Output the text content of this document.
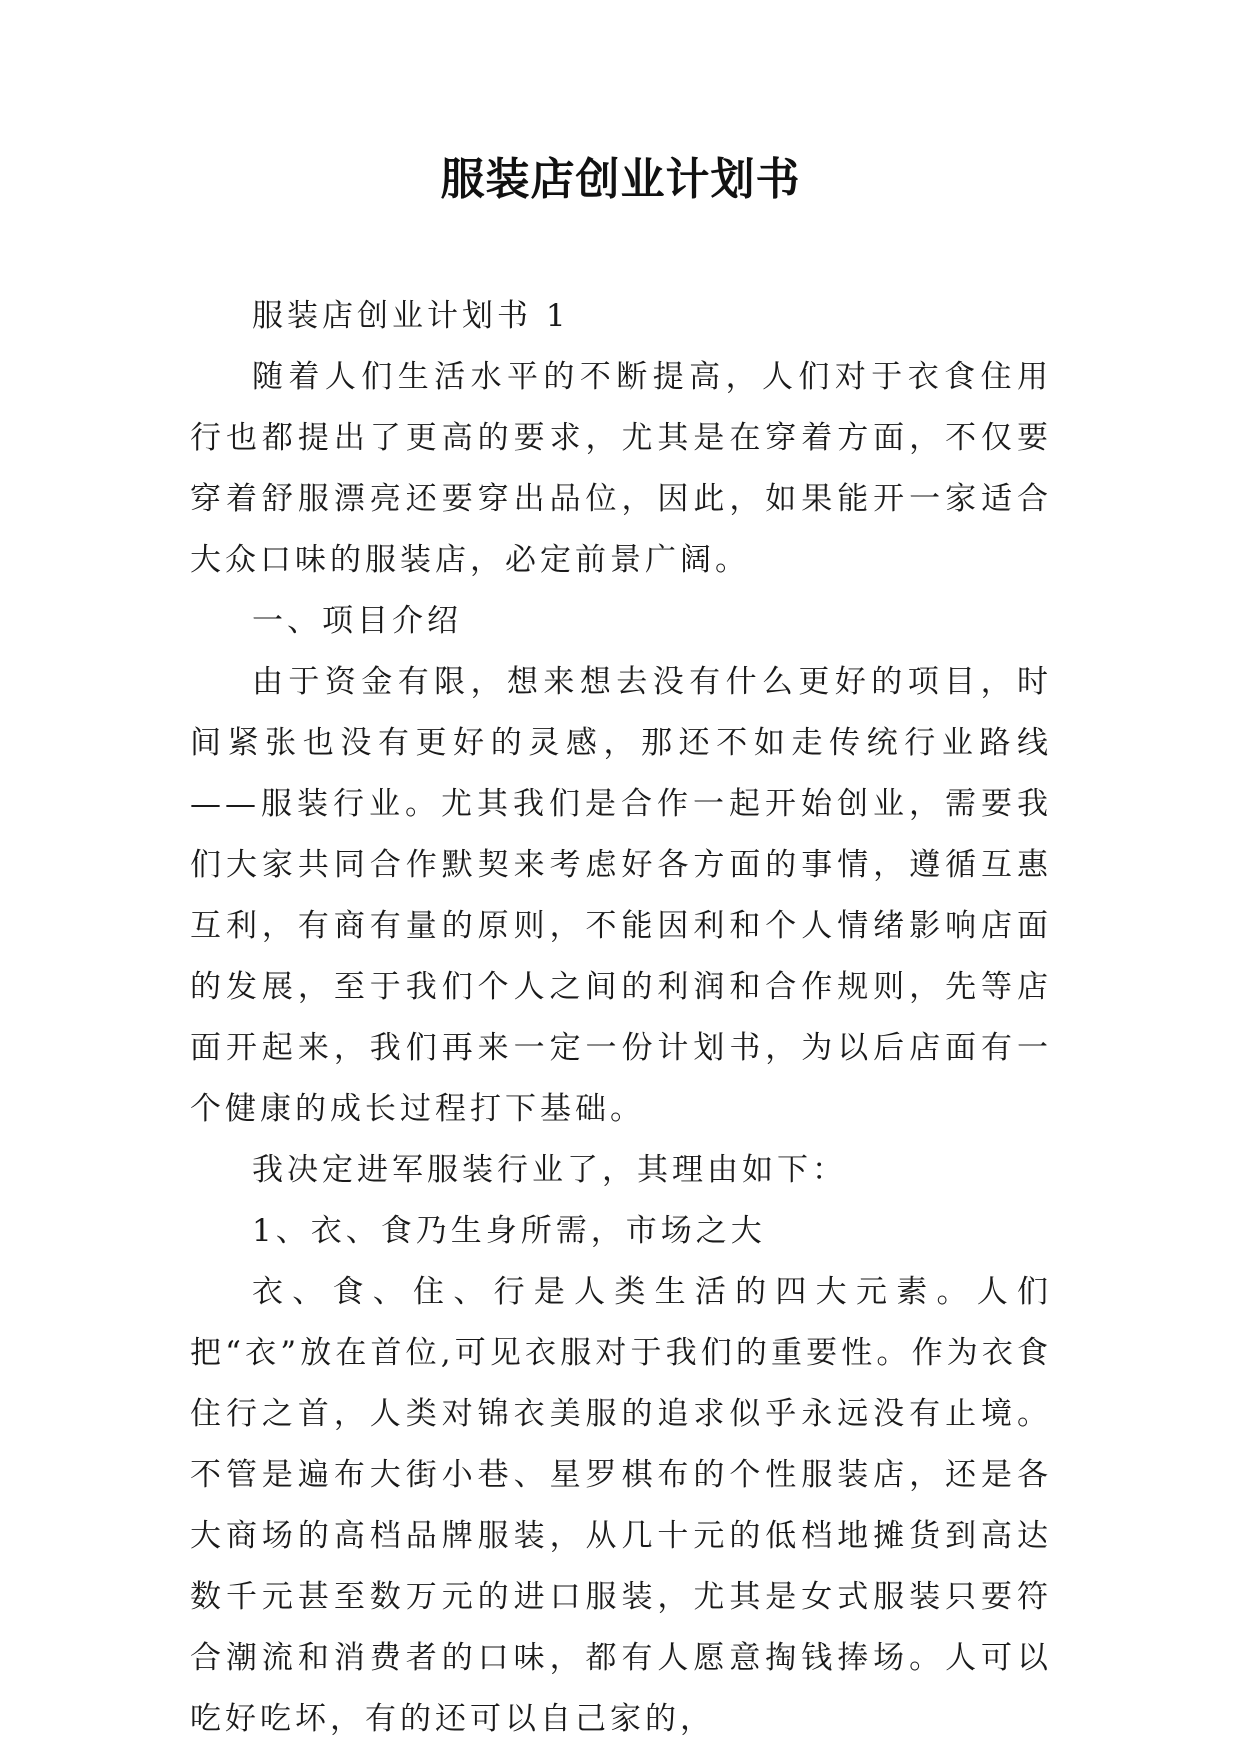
服装店创业计划书

服装店创业计划书 1

随着人们生活水平的不断提高，人们对于衣食住用行也都提出了更高的要求，尤其是在穿着方面，不仅要穿着舒服漂亮还要穿出品位，因此，如果能开一家适合大众口味的服装店，必定前景广阔。

一、项目介绍

由于资金有限，想来想去没有什么更好的项目，时间紧张也没有更好的灵感，那还不如走传统行业路线——服装行业。尤其我们是合作一起开始创业，需要我们大家共同合作默契来考虑好各方面的事情，遵循互惠互利，有商有量的原则，不能因利和个人情绪影响店面的发展，至于我们个人之间的利润和合作规则，先等店面开起来，我们再来一定一份计划书，为以后店面有一个健康的成长过程打下基础。

我决定进军服装行业了，其理由如下：

1、衣、食乃生身所需，市场之大

衣、食、住、行是人类生活的四大元素。人们把“衣”放在首位,可见衣服对于我们的重要性。作为衣食住行之首，人类对锦衣美服的追求似乎永远没有止境。不管是遍布大街小巷、星罗棋布的个性服装店，还是各大商场的高档品牌服装，从几十元的低档地摊货到高达数千元甚至数万元的进口服装，尤其是女式服装只要符合潮流和消费者的口味，都有人愿意掏钱捧场。人可以吃好吃坏，有的还可以自己家的，
